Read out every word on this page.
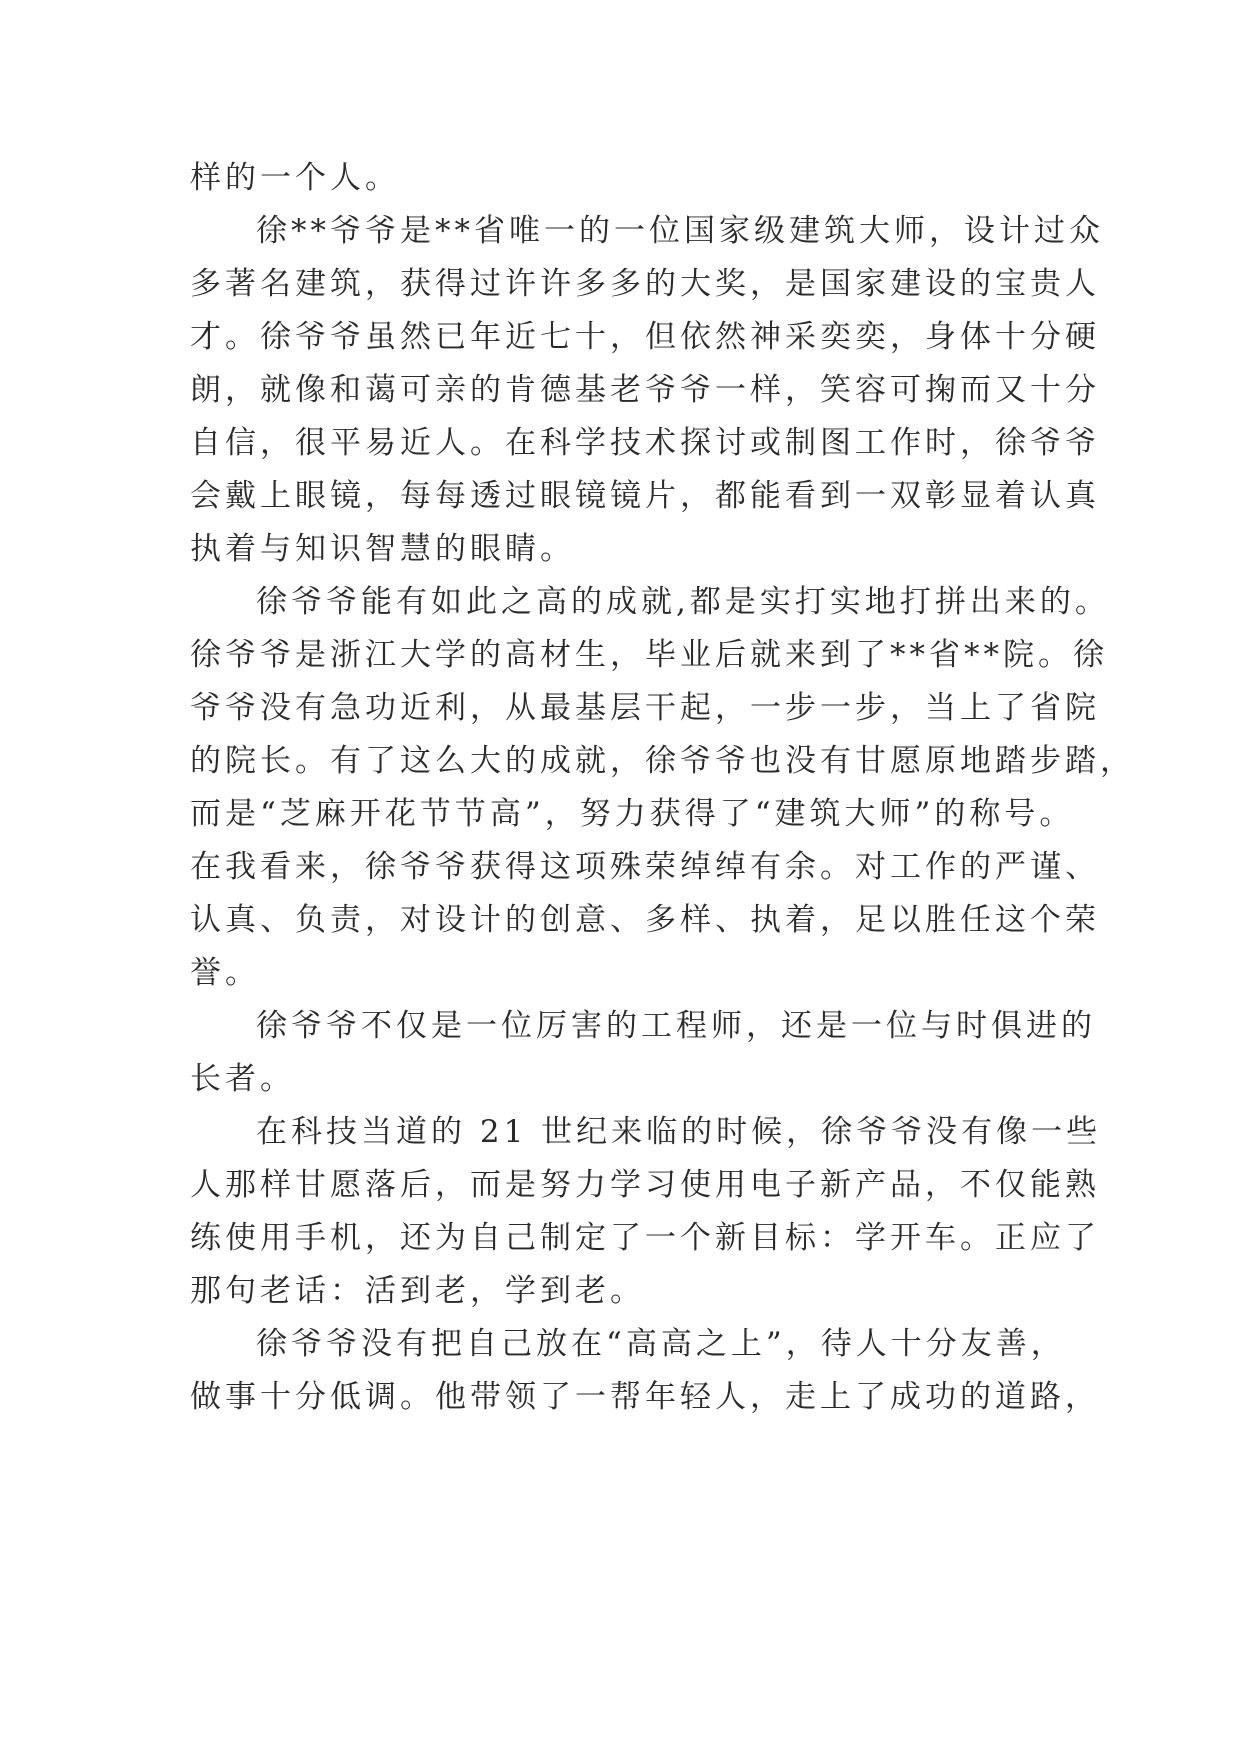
样的一个人。
徐**爷爷是**省唯一的一位国家级建筑大师，设计过众
多著名建筑，获得过许许多多的大奖，是国家建设的宝贵人
才。徐爷爷虽然已年近七十，但依然神采奕奕，身体十分硬
朗，就像和蔼可亲的肯德基老爷爷一样，笑容可掬而又十分
自信，很平易近人。在科学技术探讨或制图工作时，徐爷爷
会戴上眼镜，每每透过眼镜镜片，都能看到一双彰显着认真
执着与知识智慧的眼睛。
徐爷爷能有如此之高的成就,都是实打实地打拼出来的。
徐爷爷是浙江大学的高材生，毕业后就来到了**省**院。徐
爷爷没有急功近利，从最基层干起，一步一步，当上了省院
的院长。有了这么大的成就，徐爷爷也没有甘愿原地踏步踏，
而是“芝麻开花节节高”，努力获得了“建筑大师”的称号。
在我看来，徐爷爷获得这项殊荣绰绰有余。对工作的严谨、
认真、负责，对设计的创意、多样、执着，足以胜任这个荣
誉。
徐爷爷不仅是一位厉害的工程师，还是一位与时俱进的
长者。
在科技当道的 21 世纪来临的时候，徐爷爷没有像一些
人那样甘愿落后，而是努力学习使用电子新产品，不仅能熟
练使用手机，还为自己制定了一个新目标：学开车。正应了
那句老话：活到老，学到老。
徐爷爷没有把自己放在“高高之上”，待人十分友善，
做事十分低调。他带领了一帮年轻人，走上了成功的道路，
